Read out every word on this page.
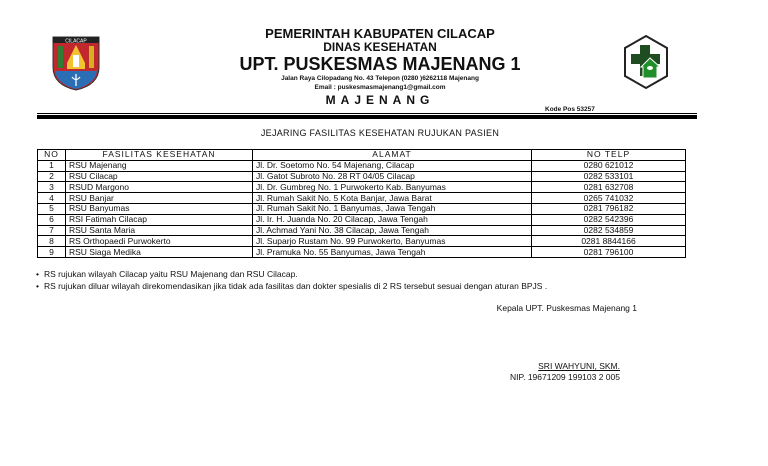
CILACAP
PEMERINTAH KABUPATEN CILACAP
DINAS KESEHATAN
UPT. PUSKESMAS MAJENANG 1
Jalan Raya Cilopadang No. 43 Telepon (0280 )6262118 Majenang
Email : puskesmasmajenang1@gmail.com
MAJENANG
Kode Pos 53257
JEJARING FASILITAS KESEHATAN RUJUKAN PASIEN
NO	FASILITAS KESEHATAN	ALAMAT	NO TELP
1	RSU Majenang	Jl. Dr. Soetomo No. 54 Majenang, Cilacap	0280 621012
2	RSU Cilacap	Jl. Gatot Subroto No. 28 RT 04/05 Cilacap	0282 533101
3	RSUD Margono	Jl. Dr. Gumbreg No. 1 Purwokerto Kab. Banyumas	0281 632708
4	RSU Banjar	Jl. Rumah Sakit No. 5 Kota Banjar, Jawa Barat	0265 741032
5	RSU Banyumas	Jl. Rumah Sakit No. 1 Banyumas, Jawa Tengah	0281 796182
6	RSI Fatimah Cilacap	Jl. Ir. H. Juanda No. 20 Cilacap, Jawa Tengah	0282 542396
7	RSU Santa Maria	Jl. Achmad Yani No. 38 Cilacap, Jawa Tengah	0282 534859
8	RS Orthopaedi Purwokerto	Jl. Suparjo Rustam No. 99 Purwokerto, Banyumas	0281 8844166
9	RSU Siaga Medika	Jl. Pramuka No. 55 Banyumas, Jawa Tengah	0281 796100
• RS rujukan wilayah Cilacap yaitu RSU Majenang dan RSU Cilacap.
• RS rujukan diluar wilayah direkomendasikan jika tidak ada fasilitas dan dokter spesialis di 2 RS tersebut sesuai dengan aturan BPJS .
Kepala UPT. Puskesmas Majenang 1
SRI WAHYUNI, SKM.
NIP. 19671209 199103 2 005
